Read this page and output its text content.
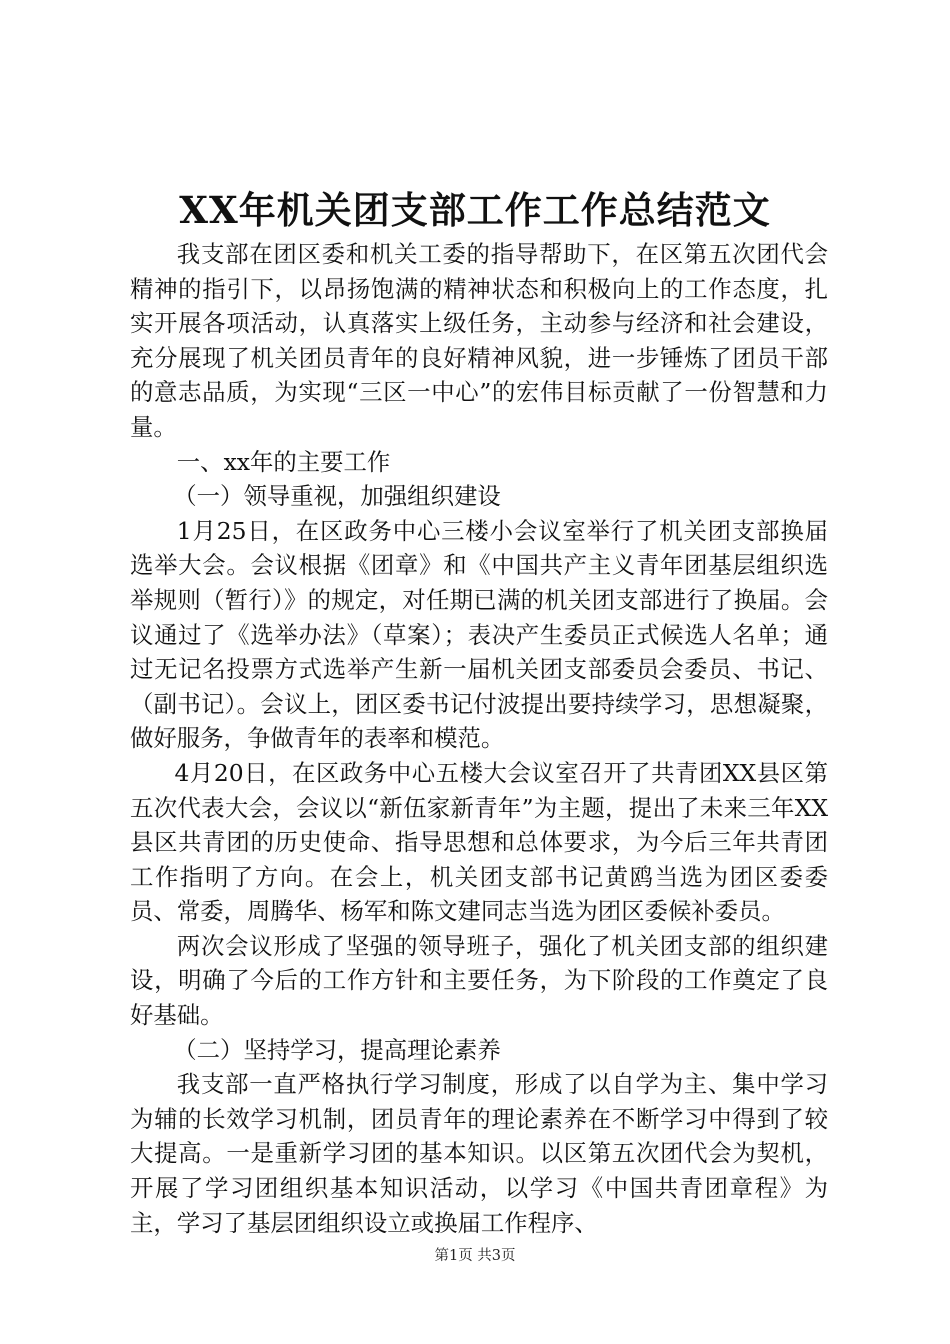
XX年机关团支部工作工作总结范文

我支部在团区委和机关工委的指导帮助下，在区第五次团代会精神的指引下，以昂扬饱满的精神状态和积极向上的工作态度，扎实开展各项活动，认真落实上级任务，主动参与经济和社会建设，充分展现了机关团员青年的良好精神风貌，进一步锤炼了团员干部的意志品质，为实现“三区一中心”的宏伟目标贡献了一份智慧和力量。

一、xx年的主要工作

（一）领导重视，加强组织建设

1月25日，在区政务中心三楼小会议室举行了机关团支部换届选举大会。会议根据《团章》和《中国共产主义青年团基层组织选举规则（暂行）》的规定，对任期已满的机关团支部进行了换届。会议通过了《选举办法》（草案）；表决产生委员正式候选人名单；通过无记名投票方式选举产生新一届机关团支部委员会委员、书记、（副书记）。会议上，团区委书记付波提出要持续学习，思想凝聚，做好服务，争做青年的表率和模范。

4月20日，在区政务中心五楼大会议室召开了共青团XX县区第五次代表大会，会议以“新伍家新青年”为主题，提出了未来三年XX县区共青团的历史使命、指导思想和总体要求，为今后三年共青团工作指明了方向。在会上，机关团支部书记黄鸥当选为团区委委员、常委，周腾华、杨军和陈文建同志当选为团区委候补委员。

两次会议形成了坚强的领导班子，强化了机关团支部的组织建设，明确了今后的工作方针和主要任务，为下阶段的工作奠定了良好基础。

（二）坚持学习，提高理论素养

我支部一直严格执行学习制度，形成了以自学为主、集中学习为辅的长效学习机制，团员青年的理论素养在不断学习中得到了较大提高。一是重新学习团的基本知识。以区第五次团代会为契机，开展了学习团组织基本知识活动，以学习《中国共青团章程》为主，学习了基层团组织设立或换届工作程序、

第1页 共3页
